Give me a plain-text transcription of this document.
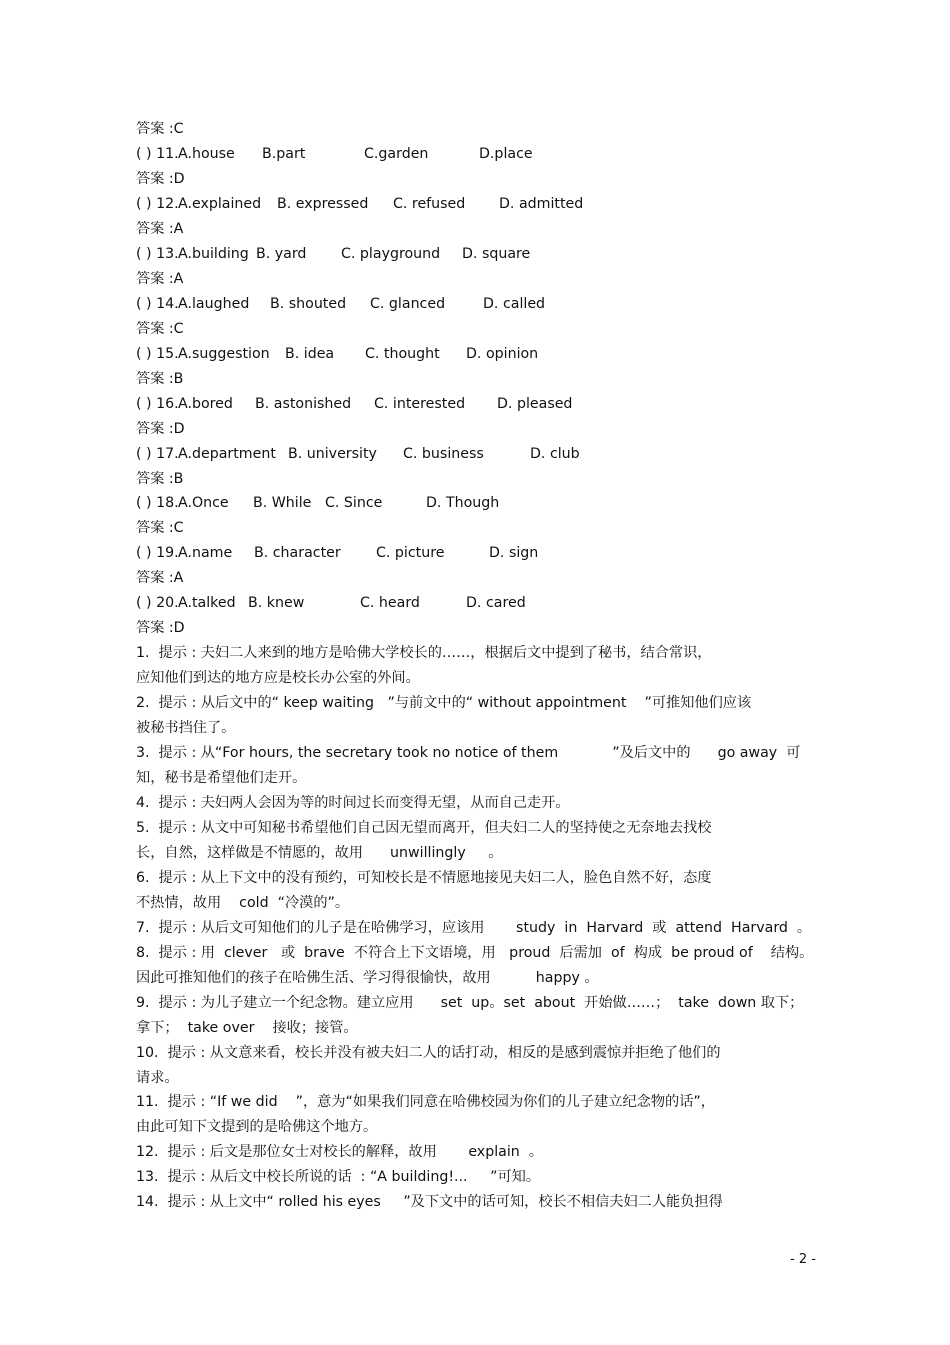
答案 :C

( ) 11.

A.house

B.part

	C.garden

	D.place

答案 :D

( ) 12.

A.explained

B. expressed

C. refused

D. admitted

答案 :A

( ) 13.

A.building

B. yard

C. playground

D. square

答案 :A

( ) 14.

A.laughed

B. shouted

C. glanced

	D. called

答案 :C

( ) 15.

A.suggestion

B. idea

C. thought

D. opinion

答案 :B

( ) 16.

A.bored

B. astonished

C. interested

D. pleased

答案 :D

( ) 17.

A.department

B. university

C. business

	D. club

答案 :B

( ) 18.

A.Once

B. While

C. Since

	D. Though

答案 :C

( ) 19.

A.name

B. character

C. picture

	D. sign

答案 :A

( ) 20.

A.talked

B. knew

	C. heard

	D. cared

答案 :D
1.  提示 : 夫妇二人来到的地方是哈佛大学校长的……，根据后文中提到了秘书，结合常识，
应知他们到达的地方应是校长办公室的外间。
2.  提示 : 从后文中的“ keep waiting   ”与前文中的“ without appointment    ”可推知他们应该
被秘书挡住了。
3.  提示 : 从“For hours, the secretary took no notice of them            ”及后文中的      go away  可
知，秘书是希望他们走开。
4.  提示 : 夫妇两人会因为等的时间过长而变得无望，从而自己走开。
5.  提示 : 从文中可知秘书希望他们自己因无望而离开，但夫妇二人的坚持使之无奈地去找校
长，自然，这样做是不情愿的，故用      unwillingly     。
6.  提示 : 从上下文中的没有预约，可知校长是不情愿地接见夫妇二人，脸色自然不好，态度
不热情，故用    cold  “冷漠的”。
7.  提示 : 从后文可知他们的儿子是在哈佛学习，应该用       study  in  Harvard  或  attend  Harvard  。
8.  提示 : 用  clever   或  brave  不符合上下文语境，用   proud  后需加  of  构成  be proud of    结构。
因此可推知他们的孩子在哈佛生活、学习得很愉快，故用          happy 。
9.  提示 : 为儿子建立一个纪念物。建立应用      set  up。set  about  开始做……；  take  down 取下；
拿下；  take over    接收；接管。
10.  提示 : 从文意来看，校长并没有被夫妇二人的话打动，相反的是感到震惊并拒绝了他们的
请求。
11.  提示 : “If we did    ”，意为“如果我们同意在哈佛校园为你们的儿子建立纪念物的话”，
由此可知下文提到的是哈佛这个地方。
12.  提示 : 后文是那位女士对校长的解释，故用       explain  。
13.  提示 : 从后文中校长所说的话  : “A building!...     ”可知。
14.  提示 : 从上文中“ rolled his eyes     ”及下文中的话可知，校长不相信夫妇二人能负担得
- 2 -
